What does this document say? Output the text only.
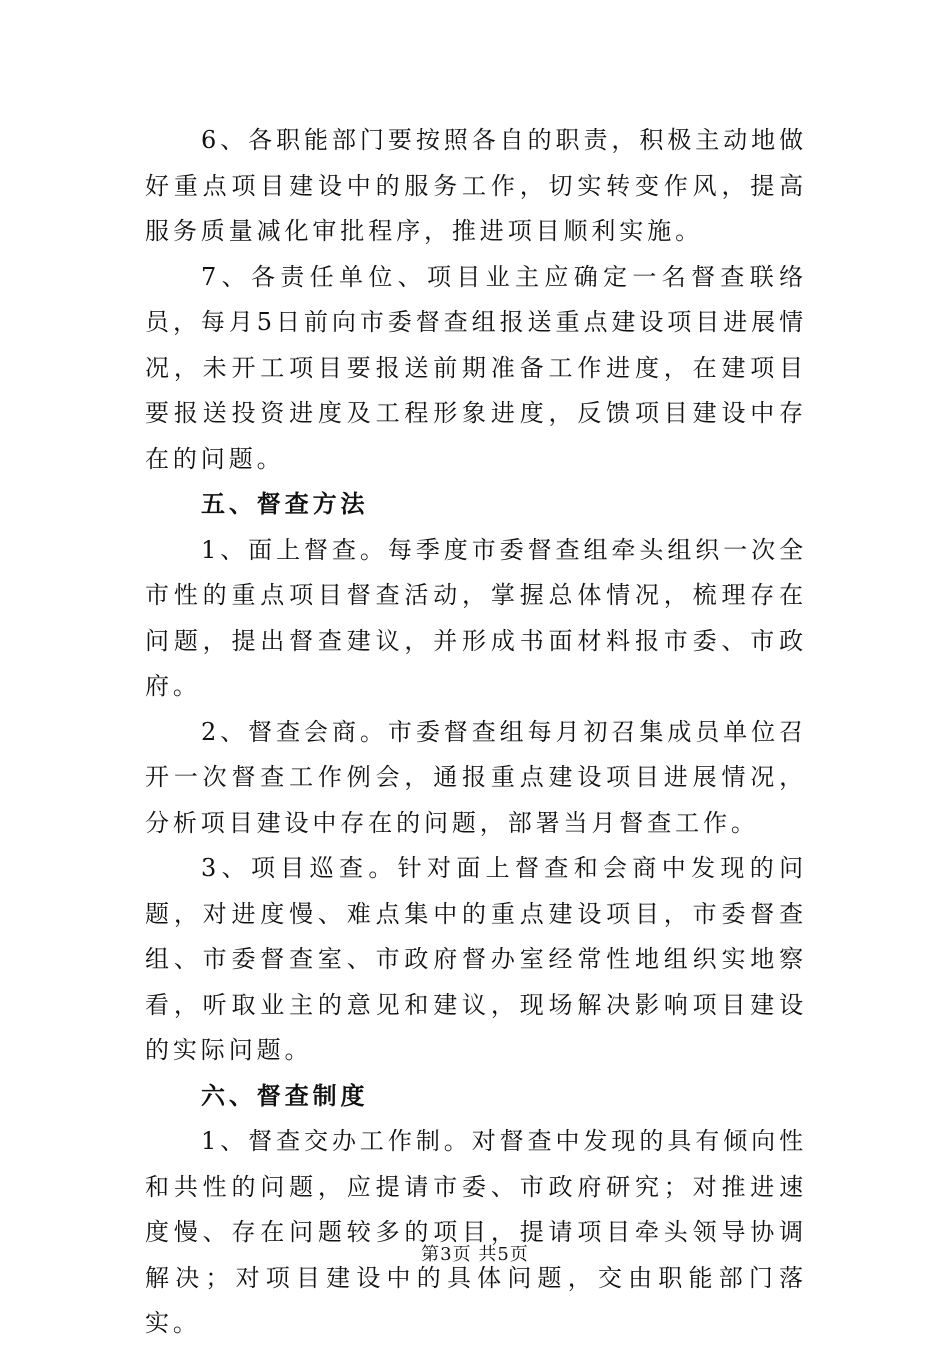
6、各职能部门要按照各自的职责，积极主动地做好重点项目建设中的服务工作，切实转变作风，提高服务质量减化审批程序，推进项目顺利实施。

7、各责任单位、项目业主应确定一名督查联络员，每月5日前向市委督查组报送重点建设项目进展情况，未开工项目要报送前期准备工作进度，在建项目要报送投资进度及工程形象进度，反馈项目建设中存在的问题。

五、督查方法

1、面上督查。每季度市委督查组牵头组织一次全市性的重点项目督查活动，掌握总体情况，梳理存在问题，提出督查建议，并形成书面材料报市委、市政府。

2、督查会商。市委督查组每月初召集成员单位召开一次督查工作例会，通报重点建设项目进展情况，分析项目建设中存在的问题，部署当月督查工作。

3、项目巡查。针对面上督查和会商中发现的问题，对进度慢、难点集中的重点建设项目，市委督查组、市委督查室、市政府督办室经常性地组织实地察看，听取业主的意见和建议，现场解决影响项目建设的实际问题。

六、督查制度

1、督查交办工作制。对督查中发现的具有倾向性和共性的问题，应提请市委、市政府研究；对推进速度慢、存在问题较多的项目，提请项目牵头领导协调解决；对项目建设中的具体问题，交由职能部门落实。

第3页 共5页
